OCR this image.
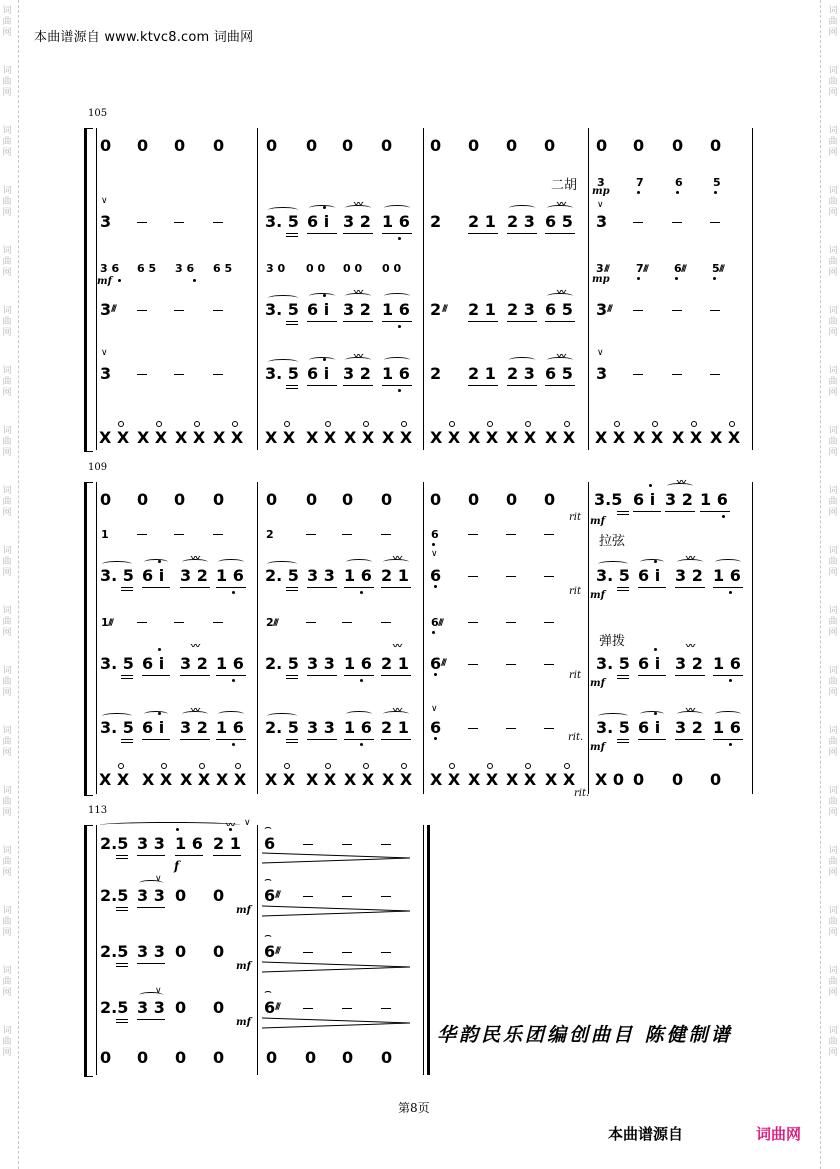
词
曲
网
词
曲
网
词
曲
网
词
曲
网
词
曲
网
词
曲
网
词
曲
网
词
曲
网
词
曲
网
词
曲
网
词
曲
网
词
曲
网
词
曲
网
词
曲
网
词
曲
网
词
曲
网
词
曲
网
词
曲
网
词
曲
网
词
曲
网
词
曲
网
词
曲
网
词
曲
网
词
曲
网
词
曲
网
词
曲
网
词
曲
网
词
曲
网
词
曲
网
词
曲
网
词
曲
网
词
曲
网
词
曲
网
词
曲
网
词
曲
网
词
曲
网
本曲谱源自 www.ktvc8.com 词曲网
105
0 0 0 0	0 0 0 0 0 0 0 0	0 0 0 0
二胡 3
mp
7	6	5
∨	∨
3	3. 5 6 i 3 2
〰
1 6 2 2 1 2 3 6 5
〰
3
3 6
mf
6 5 3 6 6 5	3 0 0 0 0 0 0 0	3 ///
mp
7 /// 6 /// 5 ///
3 ///	3. 5 6 i 3 2
〰
1 6 2 /// 2 1 2 3 6 5
〰
3 ///
∨	∨
3	3. 5 6 i 3 2
〰
1 6 2 2 1 2 3 6 5
〰
3
X X X X X X X X X X X X X X X X X X X X X X X X X X X X X X X X
109
0 0 0 0	0 0 0 0 0 0 0 0
rit
3.5
mf
6 i 3 2
〰
1 6
1	2	6	拉弦
∨
3. 5 6 i 3 2
〰
1 6 2. 5 3 3 1 6 2 1
〰
6
rit
3. 5
mf
6 i 3 2
〰
1 6
1 ///	2 ///	6 ///
弹拨
3. 5 6 i 3 2
〰
1 6 2. 5 3 3 1 6 2 1
〰
6 ///
rit
3. 5
mf
6 i 3 2
〰
1 6
∨
3. 5 6 i 3 2
〰
1 6 2. 5 3 3 1 6 2 1
〰
6
rit.
3. 5
mf
6 i 3 2
〰
1 6
X X X X X X X X X X X X X X X X X X X X X X X X
rit.
X 0 0 0 0
113
2.5 3 3 1 6
f
2 1
〰 ∨ ⌢
6
2.5
∨
3 3 0 0
mf
⌢
6 ///
2.5 3 3 0 0
mf
⌢
6 ///
2.5
∨
3 3 0 0
mf
⌢
6 ///
0 0 0 0	0 0 0 0
华韵民乐团编创曲目 陈健制谱
第8页
本曲谱源自	词曲网
